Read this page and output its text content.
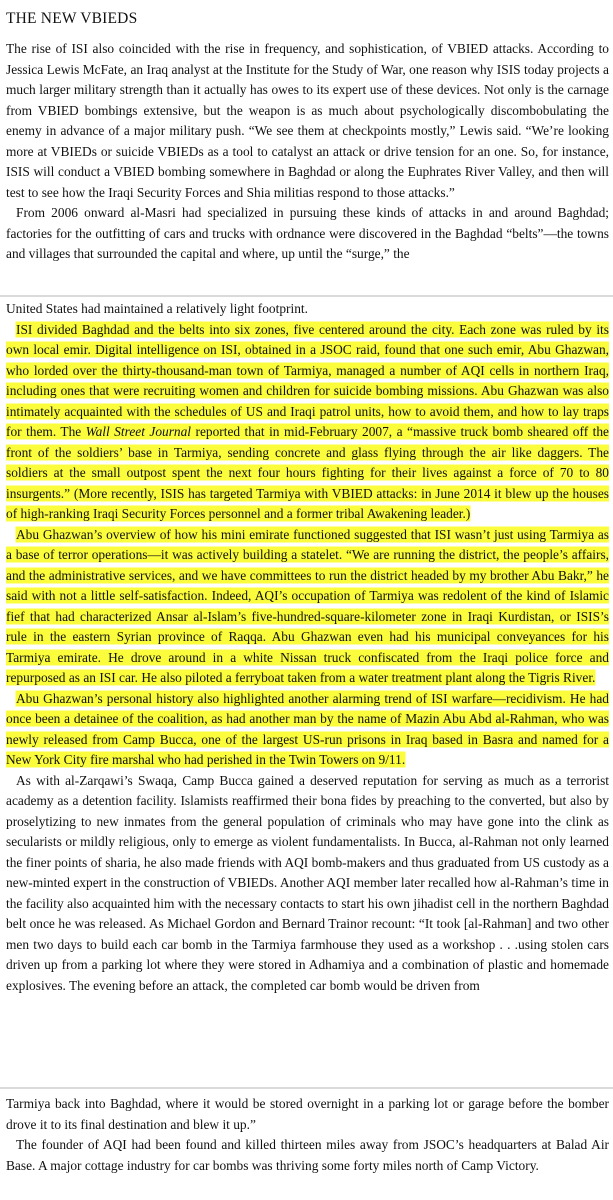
THE NEW VBIEDS

The rise of ISI also coincided with the rise in frequency, and sophistication, of VBIED attacks. According to Jessica Lewis McFate, an Iraq analyst at the Institute for the Study of War, one reason why ISIS today projects a much larger military strength than it actually has owes to its expert use of these devices. Not only is the carnage from VBIED bombings extensive, but the weapon is as much about psychologically discombobulating the enemy in advance of a major military push. “We see them at checkpoints mostly,” Lewis said. “We’re looking more at VBIEDs or suicide VBIEDs as a tool to catalyst an attack or drive tension for an one. So, for instance, ISIS will conduct a VBIED bombing somewhere in Baghdad or along the Euphrates River Valley, and then will test to see how the Iraqi Security Forces and Shia militias respond to those attacks.”

From 2006 onward al-Masri had specialized in pursuing these kinds of attacks in and around Baghdad; factories for the outfitting of cars and trucks with ordnance were discovered in the Baghdad “belts”—the towns and villages that surrounded the capital and where, up until the “surge,” the

United States had maintained a relatively light footprint.

ISI divided Baghdad and the belts into six zones, five centered around the city. Each zone was ruled by its own local emir. Digital intelligence on ISI, obtained in a JSOC raid, found that one such emir, Abu Ghazwan, who lorded over the thirty-thousand-man town of Tarmiya, managed a number of AQI cells in northern Iraq, including ones that were recruiting women and children for suicide bombing missions. Abu Ghazwan was also intimately acquainted with the schedules of US and Iraqi patrol units, how to avoid them, and how to lay traps for them. The Wall Street Journal reported that in mid-February 2007, a “massive truck bomb sheared off the front of the soldiers’ base in Tarmiya, sending concrete and glass flying through the air like daggers. The soldiers at the small outpost spent the next four hours fighting for their lives against a force of 70 to 80 insurgents.” (More recently, ISIS has targeted Tarmiya with VBIED attacks: in June 2014 it blew up the houses of high-ranking Iraqi Security Forces personnel and a former tribal Awakening leader.)

Abu Ghazwan’s overview of how his mini emirate functioned suggested that ISI wasn’t just using Tarmiya as a base of terror operations—it was actively building a statelet. “We are running the district, the people’s affairs, and the administrative services, and we have committees to run the district headed by my brother Abu Bakr,” he said with not a little self-satisfaction. Indeed, AQI’s occupation of Tarmiya was redolent of the kind of Islamic fief that had characterized Ansar al-Islam’s five-hundred-square-kilometer zone in Iraqi Kurdistan, or ISIS’s rule in the eastern Syrian province of Raqqa. Abu Ghazwan even had his municipal conveyances for his Tarmiya emirate. He drove around in a white Nissan truck confiscated from the Iraqi police force and repurposed as an ISI car. He also piloted a ferryboat taken from a water treatment plant along the Tigris River.

Abu Ghazwan’s personal history also highlighted another alarming trend of ISI warfare—recidivism. He had once been a detainee of the coalition, as had another man by the name of Mazin Abu Abd al-Rahman, who was newly released from Camp Bucca, one of the largest US-run prisons in Iraq based in Basra and named for a New York City fire marshal who had perished in the Twin Towers on 9/11.

As with al-Zarqawi’s Swaqa, Camp Bucca gained a deserved reputation for serving as much as a terrorist academy as a detention facility. Islamists reaffirmed their bona fides by preaching to the converted, but also by proselytizing to new inmates from the general population of criminals who may have gone into the clink as secularists or mildly religious, only to emerge as violent fundamentalists. In Bucca, al-Rahman not only learned the finer points of sharia, he also made friends with AQI bomb-makers and thus graduated from US custody as a new-minted expert in the construction of VBIEDs. Another AQI member later recalled how al-Rahman’s time in the facility also acquainted him with the necessary contacts to start his own jihadist cell in the northern Baghdad belt once he was released. As Michael Gordon and Bernard Trainor recount: “It took [al-Rahman] and two other men two days to build each car bomb in the Tarmiya farmhouse they used as a workshop . . .using stolen cars driven up from a parking lot where they were stored in Adhamiya and a combination of plastic and homemade explosives. The evening before an attack, the completed car bomb would be driven from

Tarmiya back into Baghdad, where it would be stored overnight in a parking lot or garage before the bomber drove it to its final destination and blew it up.”

The founder of AQI had been found and killed thirteen miles away from JSOC’s headquarters at Balad Air Base. A major cottage industry for car bombs was thriving some forty miles north of Camp Victory.
